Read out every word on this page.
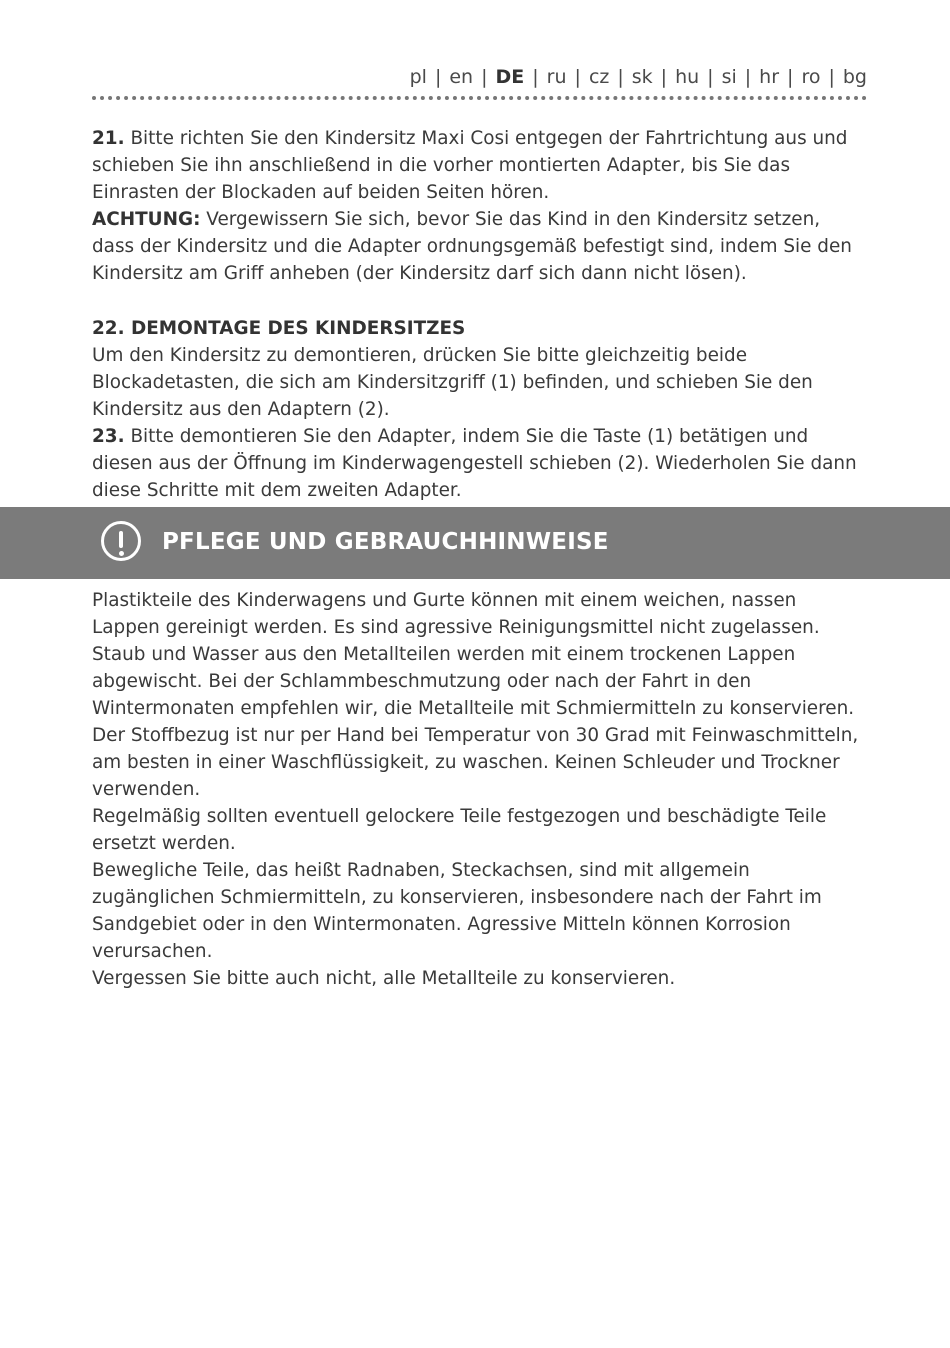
pl | en | DE | ru | cz | sk | hu | si | hr | ro | bg

21. Bitte richten Sie den Kindersitz Maxi Cosi entgegen der Fahrtrichtung aus und schieben Sie ihn anschließend in die vorher montierten Adapter, bis Sie das Einrasten der Blockaden auf beiden Seiten hören.

ACHTUNG: Vergewissern Sie sich, bevor Sie das Kind in den Kindersitz setzen, dass der Kindersitz und die Adapter ordnungsgemäß befestigt sind, indem Sie den Kindersitz am Griff anheben (der Kindersitz darf sich dann nicht lösen).

22. DEMONTAGE DES KINDERSITZES

Um den Kindersitz zu demontieren, drücken Sie bitte gleichzeitig beide Blockadetasten, die sich am Kindersitzgriff (1) befinden, und schieben Sie den Kindersitz aus den Adaptern (2).

23. Bitte demontieren Sie den Adapter, indem Sie die Taste (1) betätigen und diesen aus der Öffnung im Kinderwagengestell schieben (2). Wiederholen Sie dann diese Schritte mit dem zweiten Adapter.

PFLEGE UND GEBRAUCHHINWEISE

Plastikteile des Kinderwagens und Gurte können mit einem weichen, nassen Lappen gereinigt werden. Es sind agressive Reinigungsmittel nicht zugelassen.

Staub und Wasser aus den Metallteilen werden mit einem trockenen Lappen abgewischt. Bei der Schlammbeschmutzung oder nach der Fahrt in den Wintermonaten empfehlen wir, die Metallteile mit Schmiermitteln zu konservieren.

Der Stoffbezug ist nur per Hand bei Temperatur von 30 Grad mit Feinwaschmitteln, am besten in einer Waschflüssigkeit, zu waschen. Keinen Schleuder und Trockner verwenden.

Regelmäßig sollten eventuell gelockere Teile festgezogen und beschädigte Teile ersetzt werden.

Bewegliche Teile, das heißt Radnaben, Steckachsen, sind mit allgemein zugänglichen Schmiermitteln, zu konservieren, insbesondere nach der Fahrt im Sandgebiet oder in den Wintermonaten. Agressive Mitteln können Korrosion verursachen.

Vergessen Sie bitte auch nicht, alle Metallteile zu konservieren.
